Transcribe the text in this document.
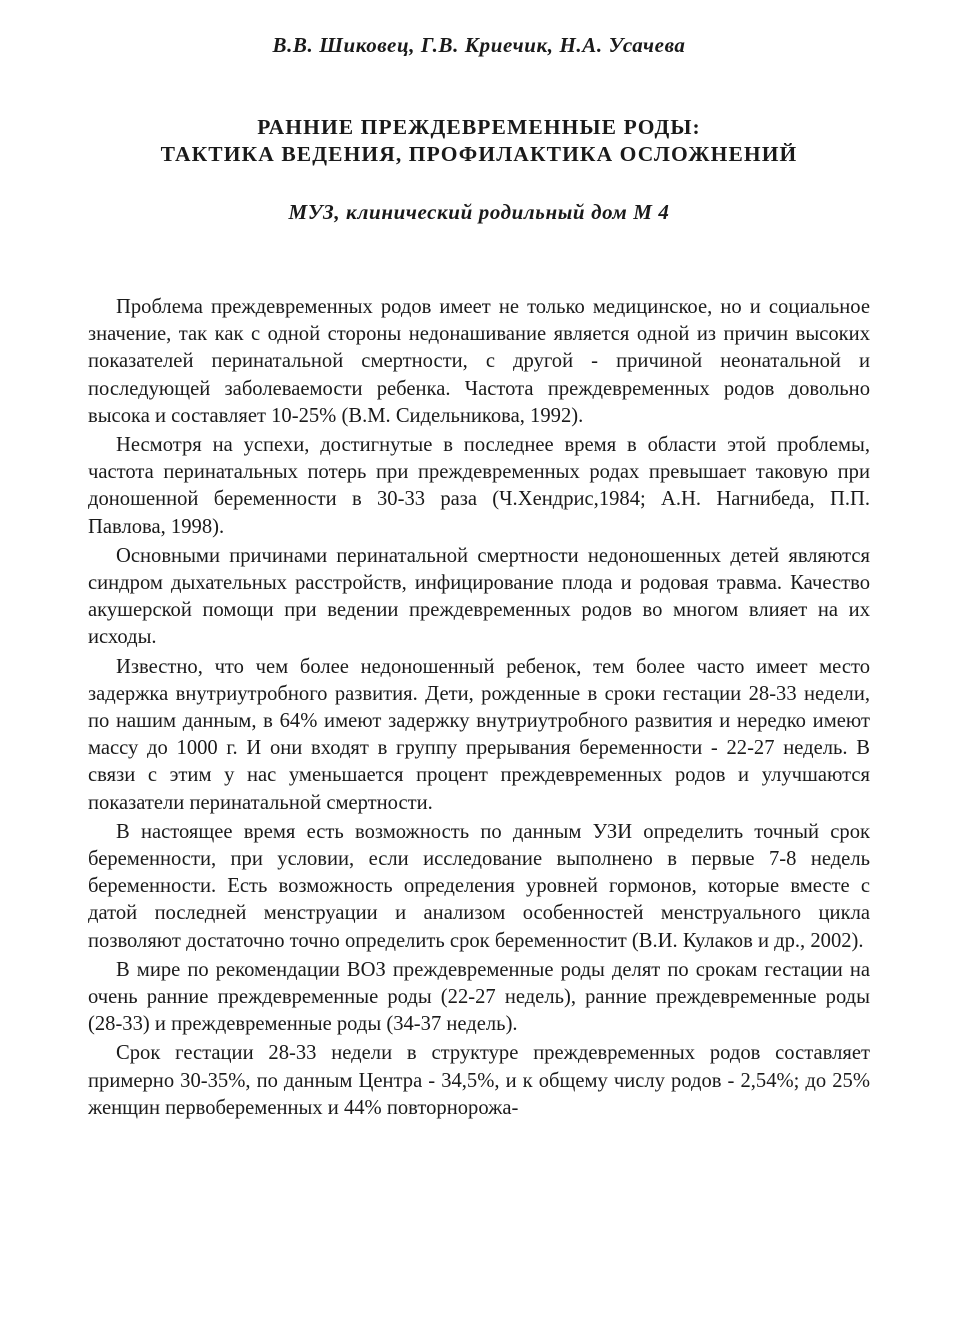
В.В. Шиковец, Г.В. Криечик, Н.А. Усачева

РАННИЕ ПРЕЖДЕВРЕМЕННЫЕ РОДЫ:
ТАКТИКА ВЕДЕНИЯ, ПРОФИЛАКТИКА ОСЛОЖНЕНИЙ

МУЗ, клинический родильный дом М 4

Проблема преждевременных родов имеет не только медицинское, но и социальное значение, так как с одной стороны недонашивание является одной из причин высоких показателей перинатальной смертности, с другой - причиной неонатальной и последующей заболеваемости ребенка. Частота преждевременных родов довольно высока и составляет 10-25% (В.М. Сидельникова, 1992).

Несмотря на успехи, достигнутые в последнее время в области этой проблемы, частота перинатальных потерь при преждевременных родах превышает таковую при доношенной беременности в 30-33 раза (Ч.Хендрис,1984; А.Н. Нагнибеда, П.П. Павлова, 1998).

Основными причинами перинатальной смертности недоношенных детей являются синдром дыхательных расстройств, инфицирование плода и родовая травма. Качество акушерской помощи при ведении преждевременных родов во многом влияет на их исходы.

Известно, что чем более недоношенный ребенок, тем более часто имеет место задержка внутриутробного развития. Дети, рожденные в сроки гестации 28-33 недели, по нашим данным, в 64% имеют задержку внутриутробного развития и нередко имеют массу до 1000 г. И они входят в группу прерывания беременности - 22-27 недель. В связи с этим у нас уменьшается процент преждевременных родов и улучшаются показатели перинатальной смертности.

В настоящее время есть возможность по данным УЗИ определить точный срок беременности, при условии, если исследование выполнено в первые 7-8 недель беременности. Есть возможность определения уровней гормонов, которые вместе с датой последней менструации и анализом особенностей менструального цикла позволяют достаточно точно определить срок беременностит (В.И. Кулаков и др., 2002).

В мире по рекомендации ВОЗ преждевременные роды делят по срокам гестации на очень ранние преждевременные роды (22-27 недель), ранние преждевременные роды (28-33) и преждевременные роды (34-37 недель).

Срок гестации 28-33 недели в структуре преждевременных родов составляет примерно 30-35%, по данным Центра - 34,5%, и к общему числу родов - 2,54%; до 25% женщин первобеременных и 44% повторнорожа-
